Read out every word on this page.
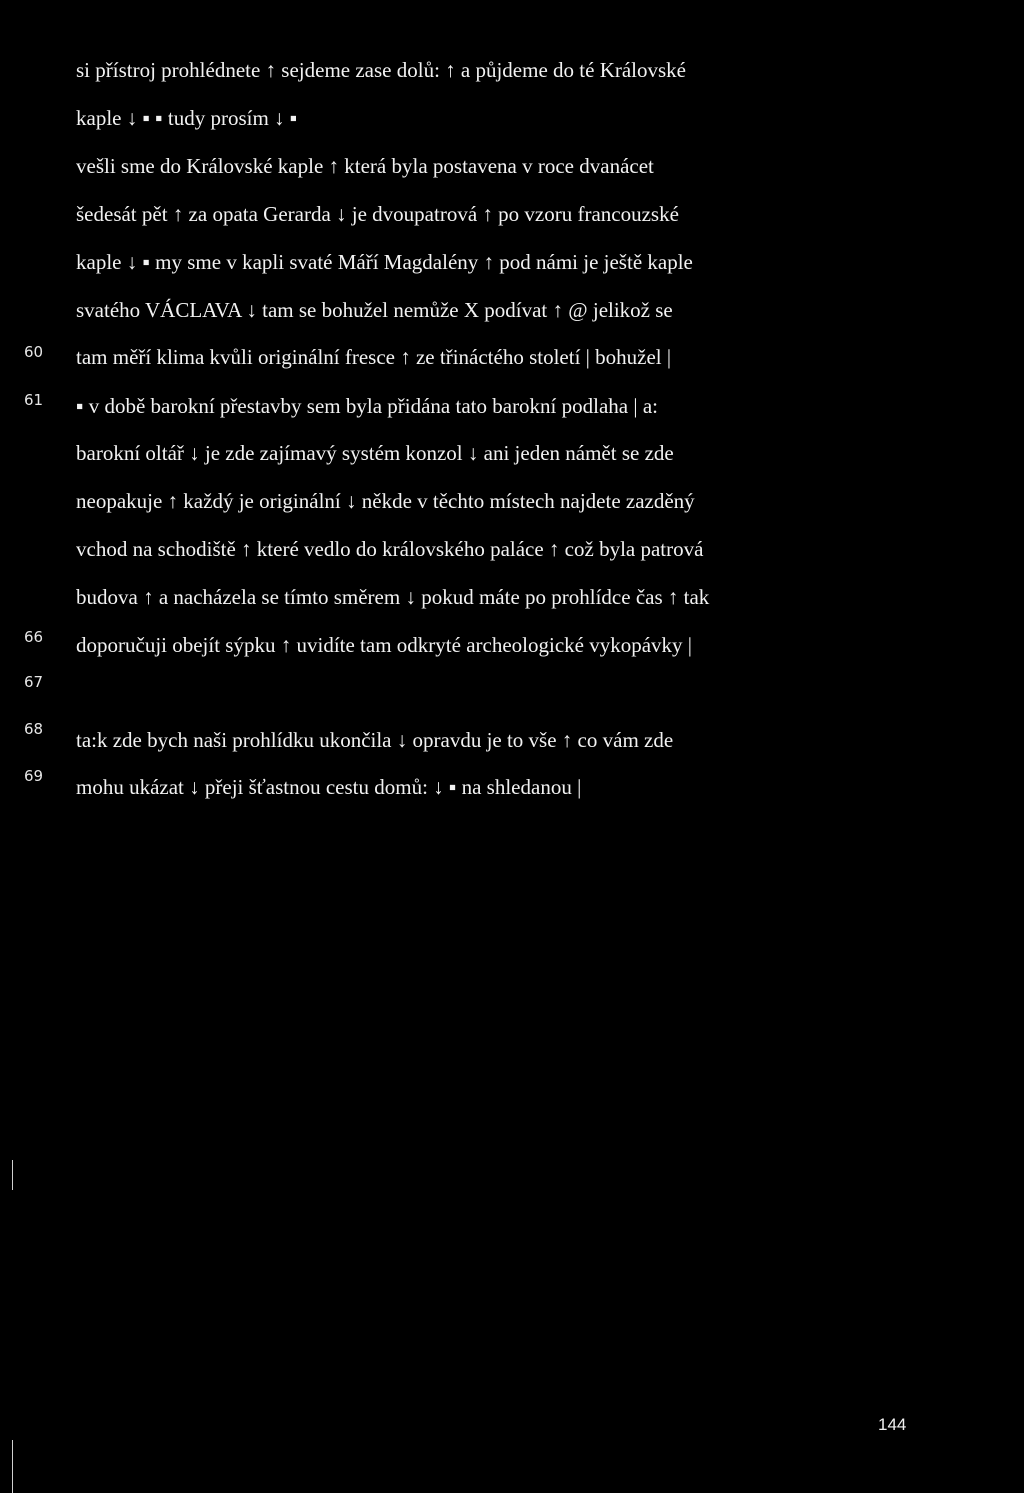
si přístroj prohlédnete ↑ sejdeme zase dolů: ↑ a půjdeme do té Královské
kaple ↓ ▪ ▪ tudy prosím ↓ ▪
vešli sme do Královské kaple ↑ která byla postavena v roce dvanácet
šedesát pět ↑ za opata Gerarda ↓ je dvoupatrová ↑ po vzoru francouzské
kaple ↓ ▪ my sme v kapli svaté Máří Magdalény ↑ pod námi je ještě kaple
svatého VÁCLAVA ↓ tam se bohužel nemůže X podívat ↑ @ jelikož se
tam měří klima kvůli originální fresce ↑ ze třináctého století | bohužel |
▪ v době barokní přestavby sem byla přidána tato barokní podlaha | a:
barokní oltář ↓ je zde zajímavý systém konzol ↓ ani jeden námět se zde
neopakuje ↑ každý je originální ↓ někde v těchto místech najdete zazděný
vchod na schodiště ↑ které vedlo do královského paláce ↑ což byla patrová
budova ↑ a nacházela se tímto směrem ↓ pokud máte po prohlídce čas ↑ tak
doporučuji obejít sýpku ↑ uvidíte tam odkryté archeologické vykopávky |
ta:k zde bych naši prohlídku ukončila ↓ opravdu je to vše ↑ co vám zde
mohu ukázat ↓ přeji šťastnou cestu domů: ↓ ▪ na shledanou |
60
61
66
67
68
69
144
